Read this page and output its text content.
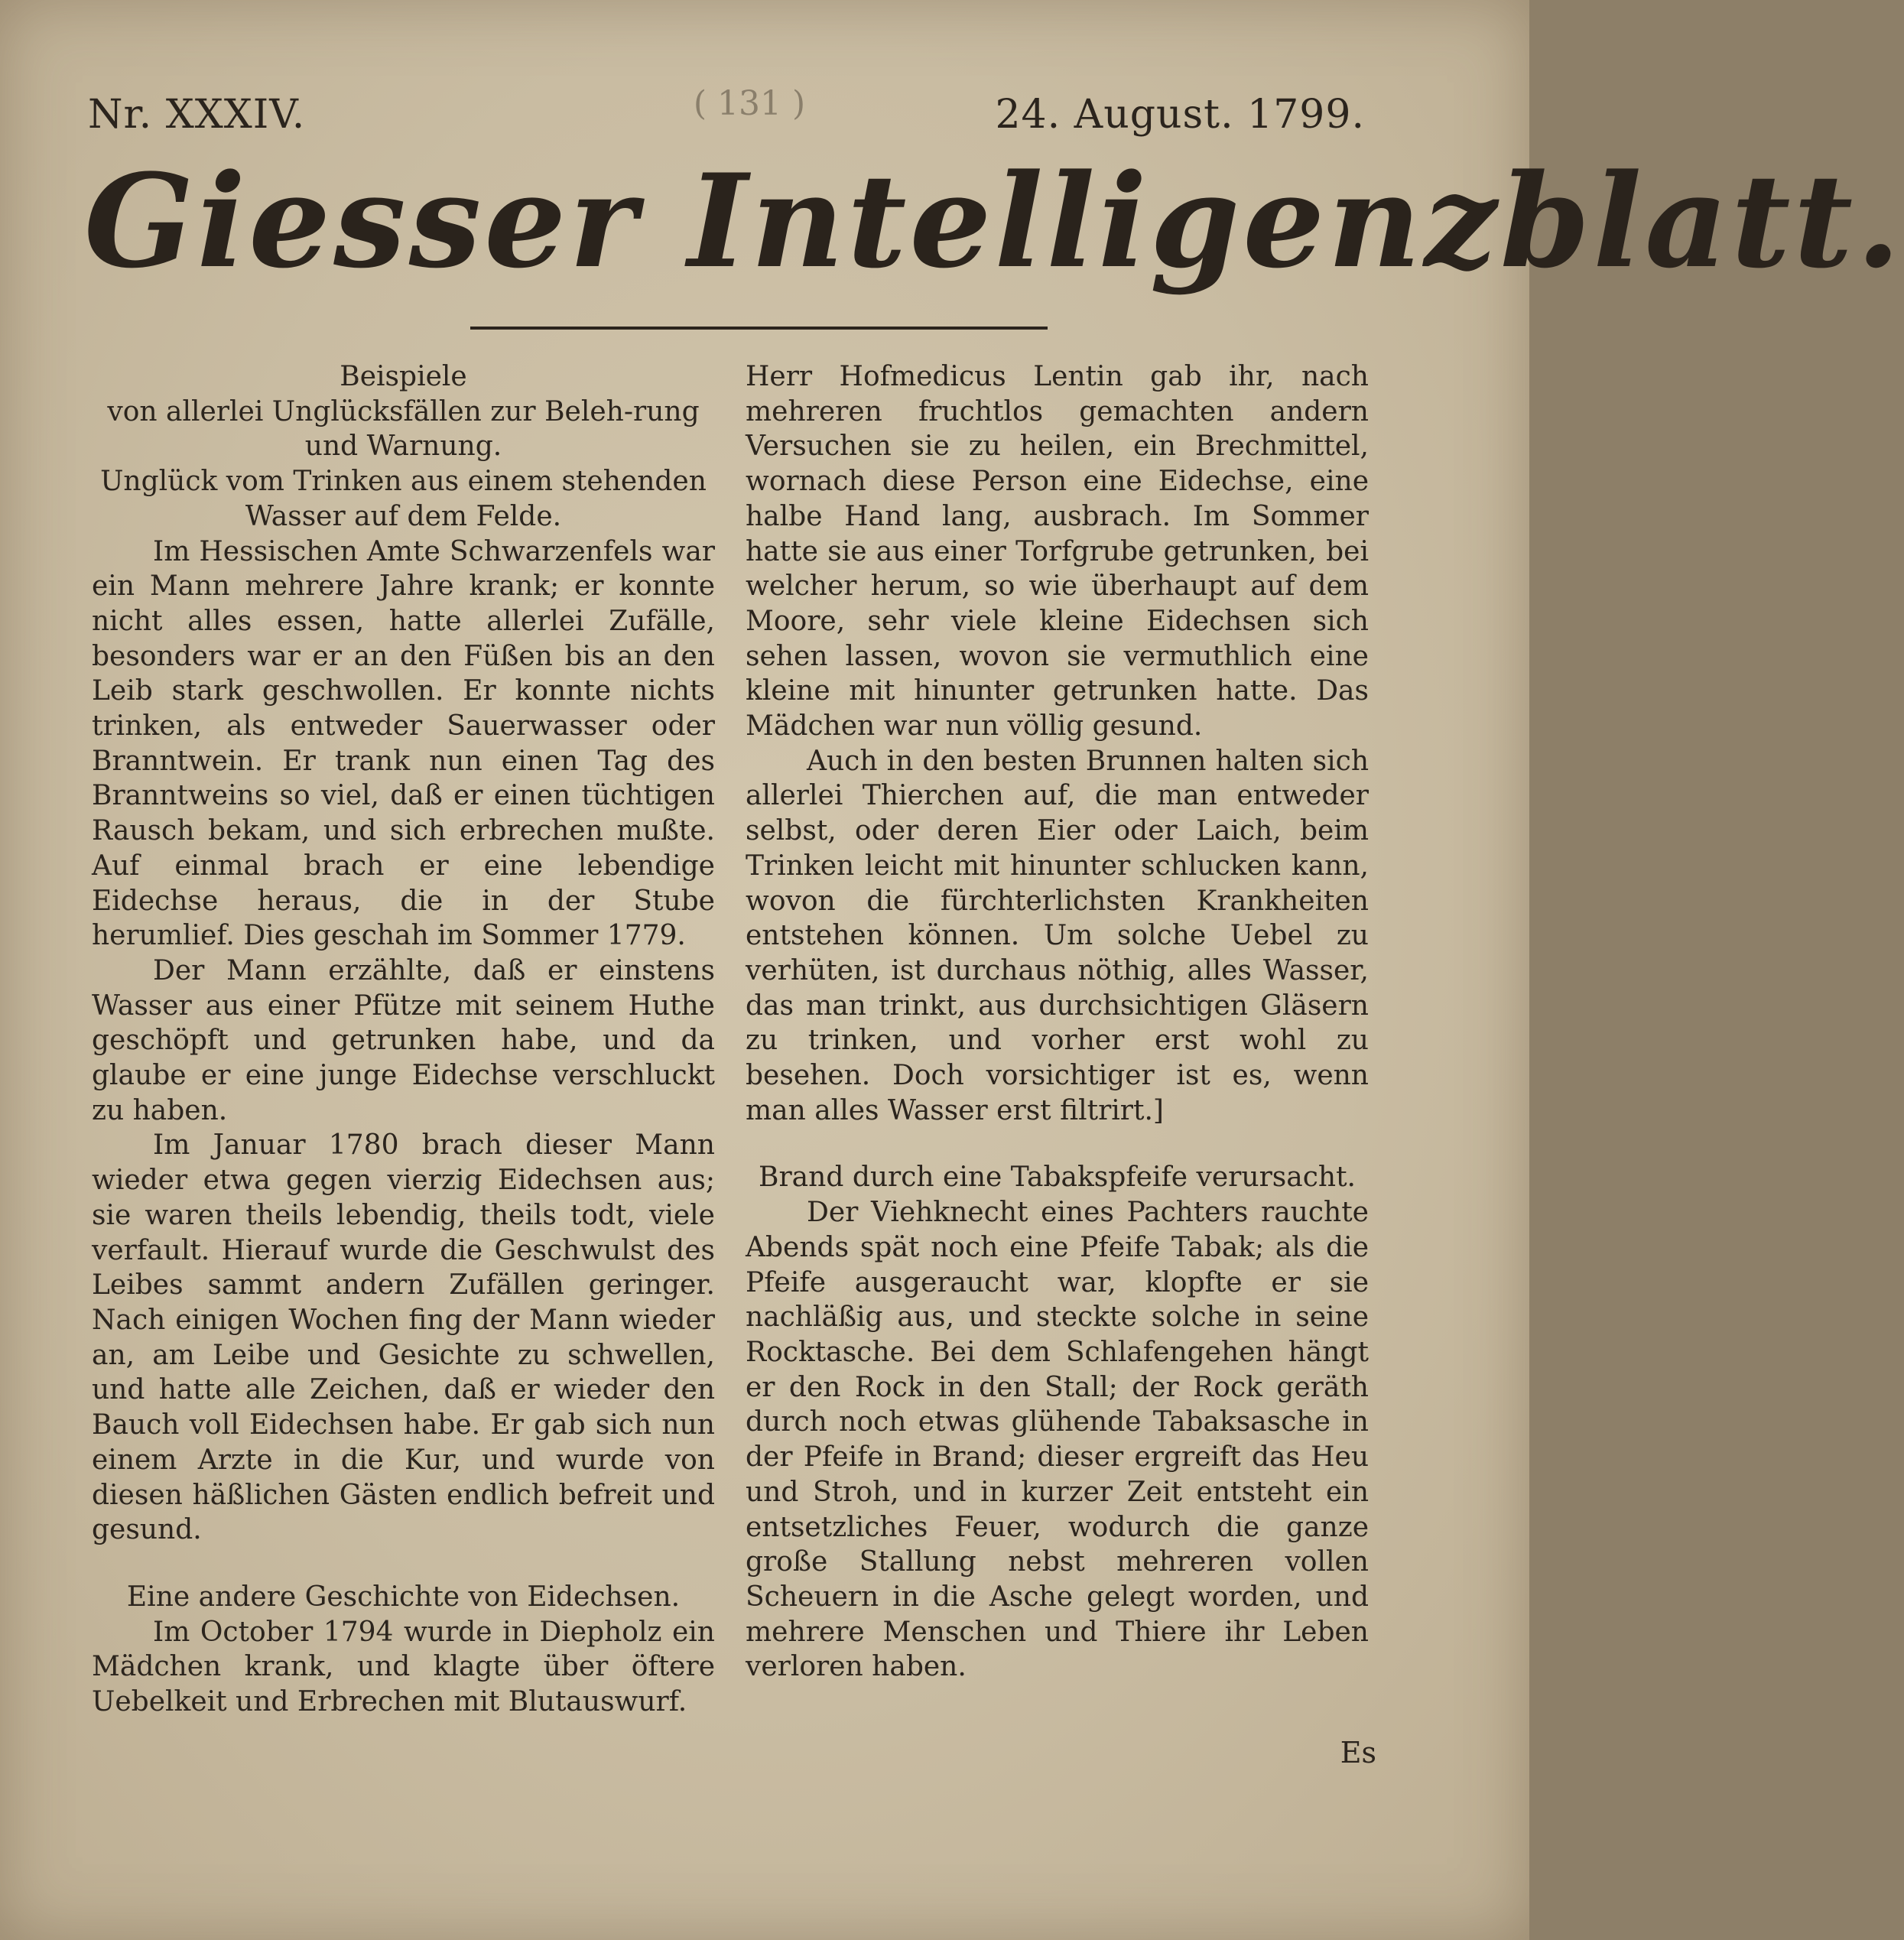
Nr. XXXIV.	( 131 )	24. August. 1799.
Giesser Intelligenzblatt.

Beispiele

von allerlei Unglücksfällen zur Beleh-rung und Warnung.

Unglück vom Trinken aus einem stehenden Wasser auf dem Felde.

Im Hessischen Amte Schwarzenfels war ein Mann mehrere Jahre krank; er konnte nicht alles essen, hatte allerlei Zufälle, besonders war er an den Füßen bis an den Leib stark geschwollen. Er konnte nichts trinken, als entweder Sauerwasser oder Branntwein. Er trank nun einen Tag des Branntweins so viel, daß er einen tüchtigen Rausch bekam, und sich erbrechen mußte. Auf einmal brach er eine lebendige Eidechse heraus, die in der Stube herumlief. Dies geschah im Sommer 1779.

Der Mann erzählte, daß er einstens Wasser aus einer Pfütze mit seinem Huthe geschöpft und getrunken habe, und da glaube er eine junge Eidechse verschluckt zu haben.

Im Januar 1780 brach dieser Mann wieder etwa gegen vierzig Eidechsen aus; sie waren theils lebendig, theils todt, viele verfault. Hierauf wurde die Geschwulst des Leibes sammt andern Zufällen geringer. Nach einigen Wochen fing der Mann wieder an, am Leibe und Gesichte zu schwellen, und hatte alle Zeichen, daß er wieder den Bauch voll Eidechsen habe. Er gab sich nun einem Arzte in die Kur, und wurde von diesen häßlichen Gästen endlich befreit und gesund.

Eine andere Geschichte von Eidechsen.

Im October 1794 wurde in Diepholz ein Mädchen krank, und klagte über öftere Uebelkeit und Erbrechen mit Blutauswurf.

Herr Hofmedicus Lentin gab ihr, nach mehreren fruchtlos gemachten andern Versuchen sie zu heilen, ein Brechmittel, wornach diese Person eine Eidechse, eine halbe Hand lang, ausbrach. Im Sommer hatte sie aus einer Torfgrube getrunken, bei welcher herum, so wie überhaupt auf dem Moore, sehr viele kleine Eidechsen sich sehen lassen, wovon sie vermuthlich eine kleine mit hinunter getrunken hatte. Das Mädchen war nun völlig gesund.

Auch in den besten Brunnen halten sich allerlei Thierchen auf, die man entweder selbst, oder deren Eier oder Laich, beim Trinken leicht mit hinunter schlucken kann, wovon die fürchterlichsten Krankheiten entstehen können. Um solche Uebel zu verhüten, ist durchaus nöthig, alles Wasser, das man trinkt, aus durchsichtigen Gläsern zu trinken, und vorher erst wohl zu besehen. Doch vorsichtiger ist es, wenn man alles Wasser erst filtrirt.]

Brand durch eine Tabakspfeife verursacht.

Der Viehknecht eines Pachters rauchte Abends spät noch eine Pfeife Tabak; als die Pfeife ausgeraucht war, klopfte er sie nachläßig aus, und steckte solche in seine Rocktasche. Bei dem Schlafengehen hängt er den Rock in den Stall; der Rock geräth durch noch etwas glühende Tabaksasche in der Pfeife in Brand; dieser ergreift das Heu und Stroh, und in kurzer Zeit entsteht ein entsetzliches Feuer, wodurch die ganze große Stallung nebst mehreren vollen Scheuern in die Asche gelegt worden, und mehrere Menschen und Thiere ihr Leben verloren haben.

Es
